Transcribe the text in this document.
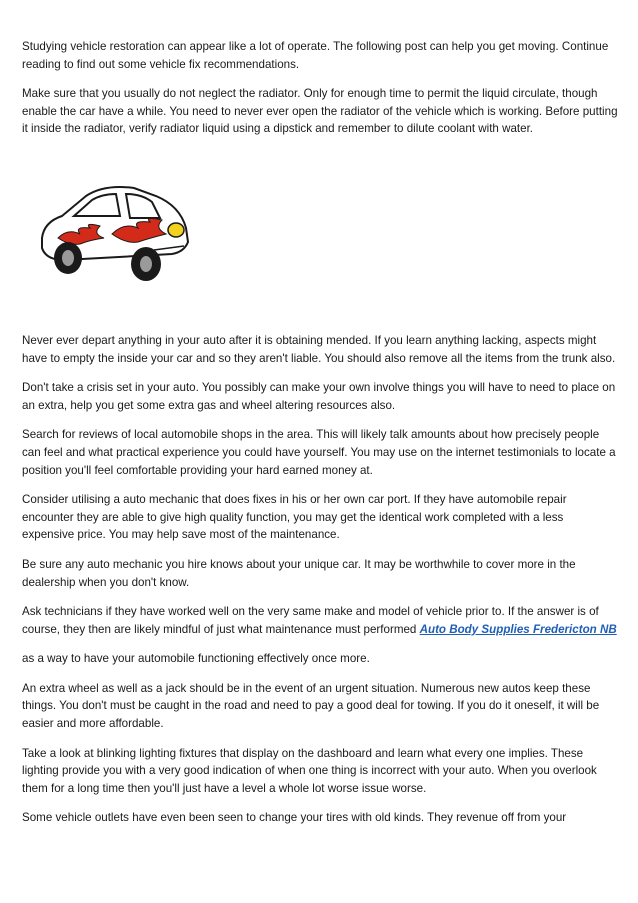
Studying vehicle restoration can appear like a lot of operate. The following post can help you get moving. Continue reading to find out some vehicle fix recommendations.

Make sure that you usually do not neglect the radiator. Only for enough time to permit the liquid circulate, though enable the car have a while. You need to never ever open the radiator of the vehicle which is working. Before putting it inside the radiator, verify radiator liquid using a dipstick and remember to dilute coolant with water.

Never ever depart anything in your auto after it is obtaining mended. If you learn anything lacking, aspects might have to empty the inside your car and so they aren't liable. You should also remove all the items from the trunk also.

Don't take a crisis set in your auto. You possibly can make your own involve things you will have to need to place on an extra, help you get some extra gas and wheel altering resources also.

Search for reviews of local automobile shops in the area. This will likely talk amounts about how precisely people can feel and what practical experience you could have yourself. You may use on the internet testimonials to locate a position you'll feel comfortable providing your hard earned money at.

Consider utilising a auto mechanic that does fixes in his or her own car port. If they have automobile repair encounter they are able to give high quality function, you may get the identical work completed with a less expensive price. You may help save most of the maintenance.

Be sure any auto mechanic you hire knows about your unique car. It may be worthwhile to cover more in the dealership when you don't know.

Ask technicians if they have worked well on the very same make and model of vehicle prior to. If the answer is of course, they then are likely mindful of just what maintenance must performed Auto Body Supplies Fredericton NB

as a way to have your automobile functioning effectively once more.

An extra wheel as well as a jack should be in the event of an urgent situation. Numerous new autos keep these things. You don't must be caught in the road and need to pay a good deal for towing. If you do it oneself, it will be easier and more affordable.

Take a look at blinking lighting fixtures that display on the dashboard and learn what every one implies. These lighting provide you with a very good indication of when one thing is incorrect with your auto. When you overlook them for a long time then you'll just have a level a whole lot worse issue worse.

Some vehicle outlets have even been seen to change your tires with old kinds. They revenue off from your
